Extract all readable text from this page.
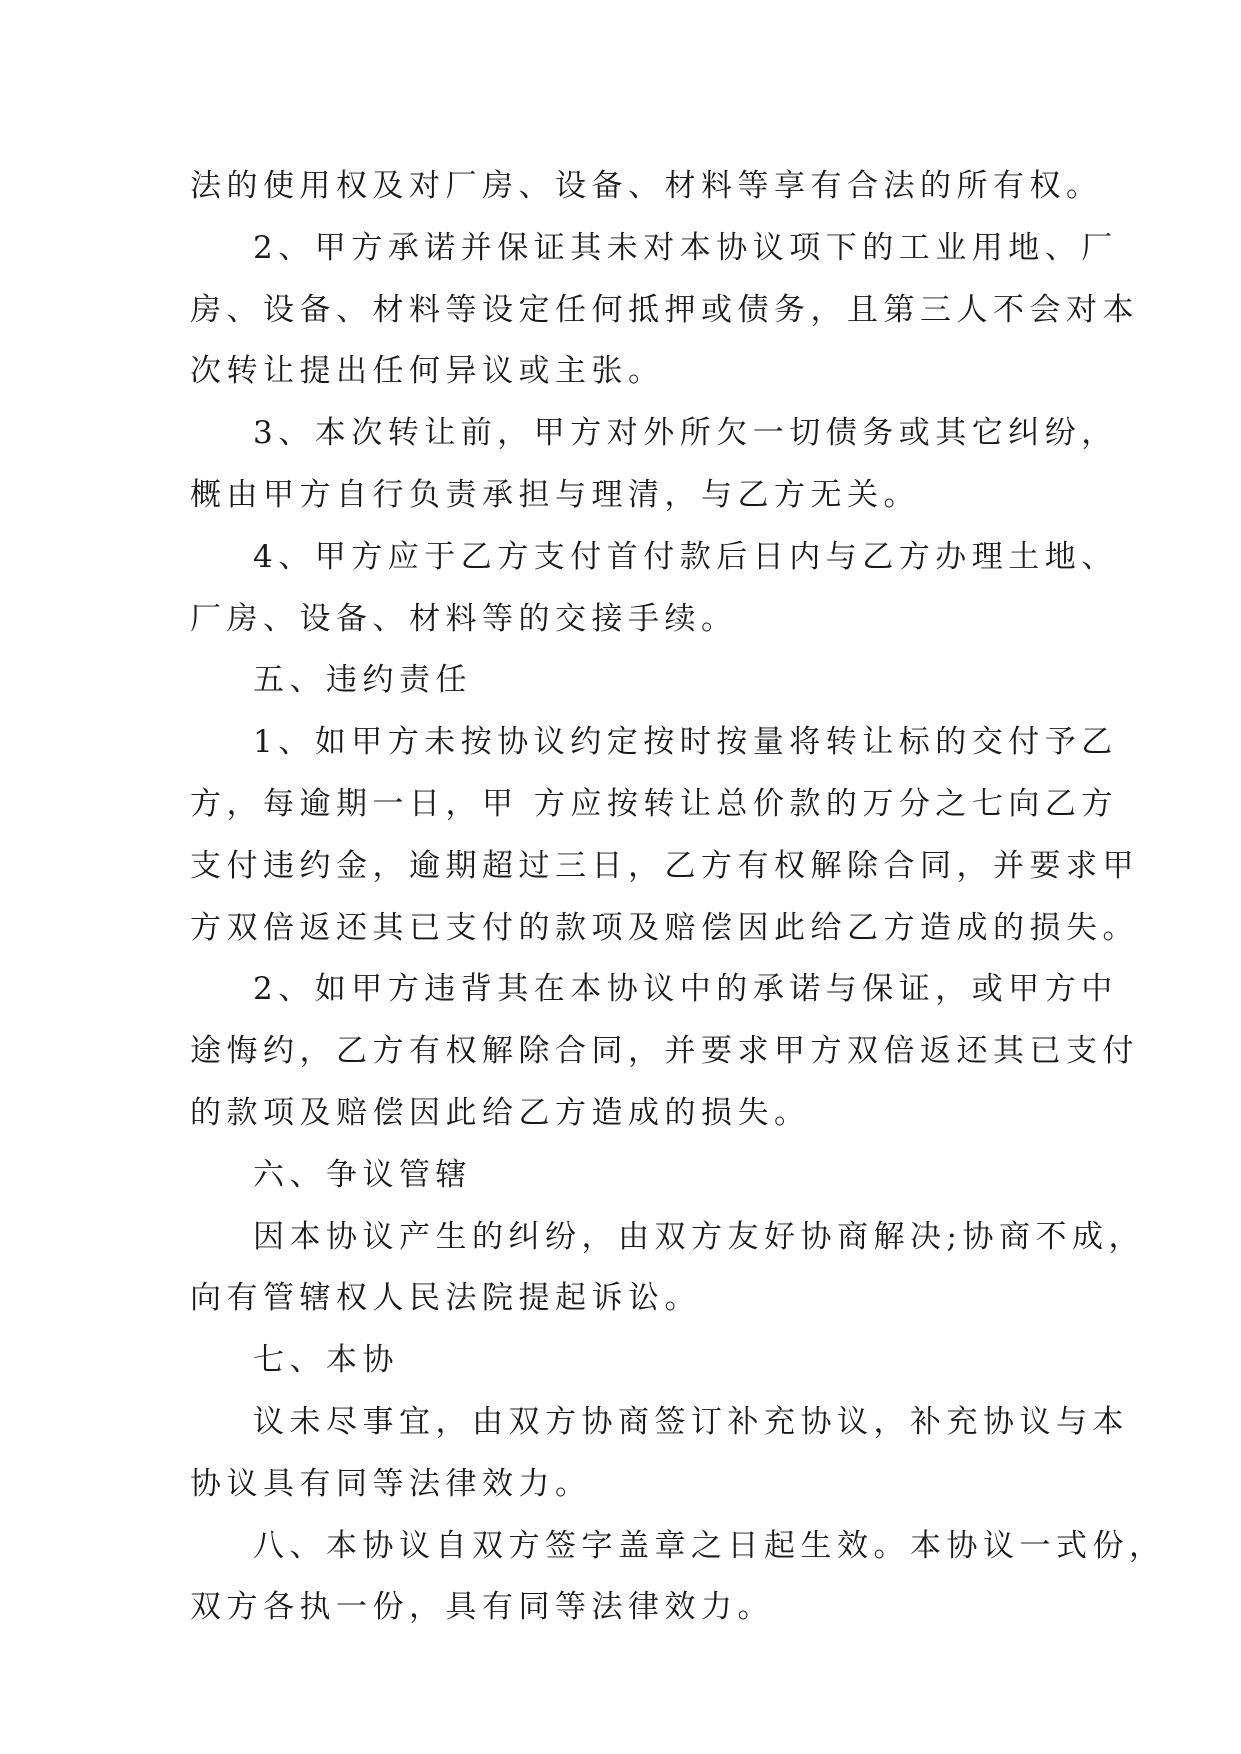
法的使用权及对厂房、设备、材料等享有合法的所有权。
2、甲方承诺并保证其未对本协议项下的工业用地、厂
房、设备、材料等设定任何抵押或债务，且第三人不会对本
次转让提出任何异议或主张。
3、本次转让前，甲方对外所欠一切债务或其它纠纷，
概由甲方自行负责承担与理清，与乙方无关。
4、甲方应于乙方支付首付款后日内与乙方办理土地、
厂房、设备、材料等的交接手续。
五、违约责任
1、如甲方未按协议约定按时按量将转让标的交付予乙
方，每逾期一日，甲 方应按转让总价款的万分之七向乙方
支付违约金，逾期超过三日，乙方有权解除合同，并要求甲
方双倍返还其已支付的款项及赔偿因此给乙方造成的损失。
2、如甲方违背其在本协议中的承诺与保证，或甲方中
途悔约，乙方有权解除合同，并要求甲方双倍返还其已支付
的款项及赔偿因此给乙方造成的损失。
六、争议管辖
因本协议产生的纠纷，由双方友好协商解决;协商不成，
向有管辖权人民法院提起诉讼。
七、本协
议未尽事宜，由双方协商签订补充协议，补充协议与本
协议具有同等法律效力。
八、本协议自双方签字盖章之日起生效。本协议一式份，
双方各执一份，具有同等法律效力。
